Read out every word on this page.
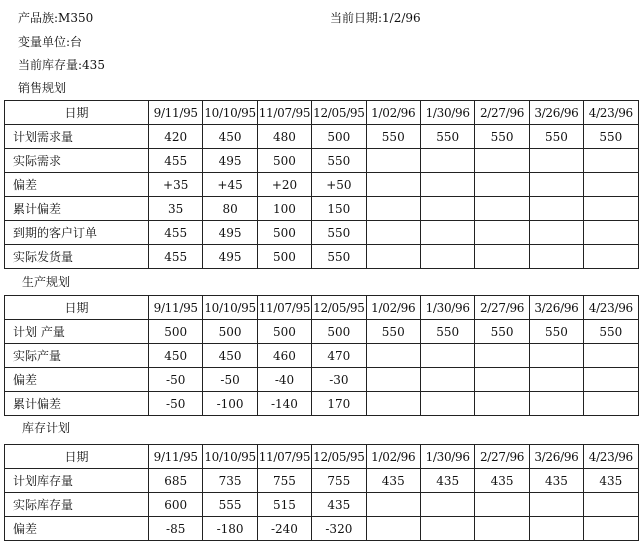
产品族:M350	当前日期:1/2/96
变量单位:台
当前库存量:435
销售规划
日期	9/11/95	10/10/95	11/07/95	12/05/95	1/02/96	1/30/96	2/27/96	3/26/96	4/23/96
计划需求量	420	450	480	500	550	550	550	550	550
实际需求	455	495	500	550					
偏差	+35	+45	+20	+50					
累计偏差	35	80	100	150					
到期的客户订单	455	495	500	550					
实际发货量	455	495	500	550					
生产规划
日期	9/11/95	10/10/95	11/07/95	12/05/95	1/02/96	1/30/96	2/27/96	3/26/96	4/23/96
计划 产量	500	500	500	500	550	550	550	550	550
实际产量	450	450	460	470					
偏差	-50	-50	-40	-30					
累计偏差	-50	-100	-140	170					
库存计划
日期	9/11/95	10/10/95	11/07/95	12/05/95	1/02/96	1/30/96	2/27/96	3/26/96	4/23/96
计划库存量	685	735	755	755	435	435	435	435	435
实际库存量	600	555	515	435					
偏差	-85	-180	-240	-320					
